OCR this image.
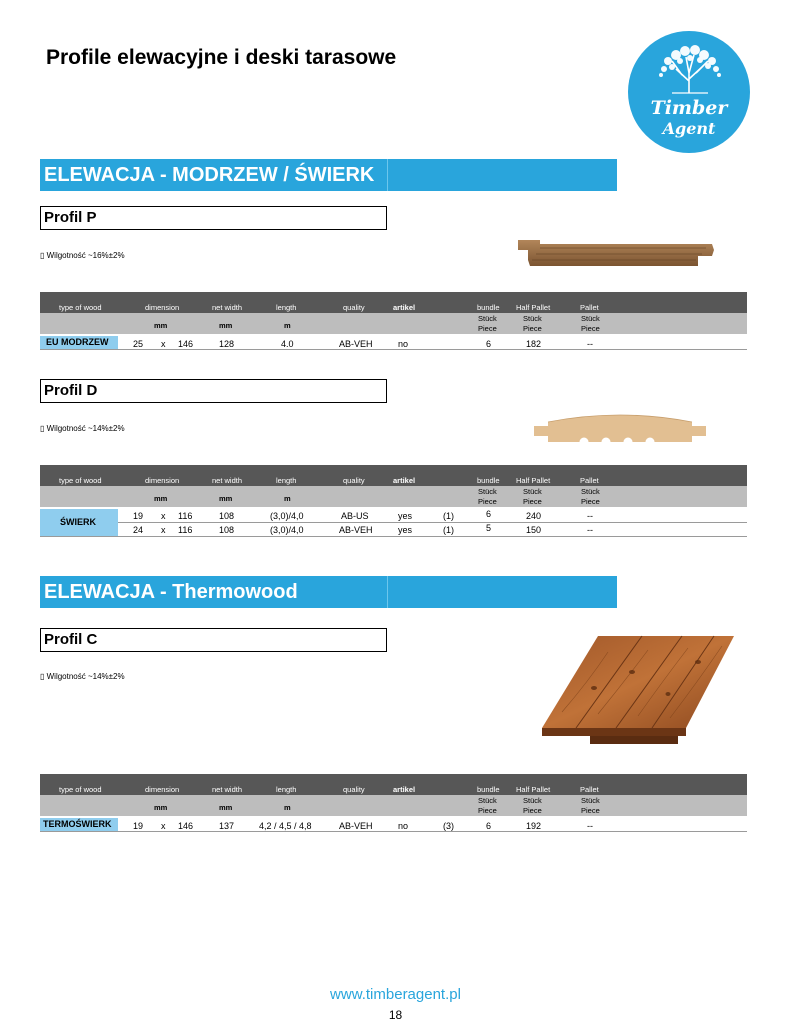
Profile elewacyjne i deski tarasowe
Timber
Agent
ELEWACJA - MODRZEW / ŚWIERK
Profil P
▯ Wilgotność ~16%±2%
type of wood	dimension	net width	length	quality	artikel	bundle Half Pallet	Pallet
mm	mm	m
Stück
Piece
Stück
Piece
Stück
Piece
EU MODRZEW	25 x 146	128	4.0	AB-VEH	no	6	182	--
Profil D
▯ Wilgotność ~14%±2%
type of wood	dimension	net width	length	quality	artikel	bundle Half Pallet	Pallet
mm	mm	m
Stück
Piece
Stück
Piece
Stück
Piece
ŚWIERK
19 x 116	108	(3,0)/4,0	AB-US	yes	(1)	6	240	--
24 x 116	108	(3,0)/4,0	AB-VEH	yes	(1)	5	150	--
ELEWACJA - Thermowood
Profil C
▯ Wilgotność ~14%±2%
type of wood	dimension	net width	length	quality	artikel	bundle Half Pallet	Pallet
mm	mm	m
Stück
Piece
Stück
Piece
Stück
Piece
TERMOŚWIERK 19 x 146	137	4,2 / 4,5 / 4,8	AB-VEH	no	(3)	6	192	--
www.timberagent.pl
18
